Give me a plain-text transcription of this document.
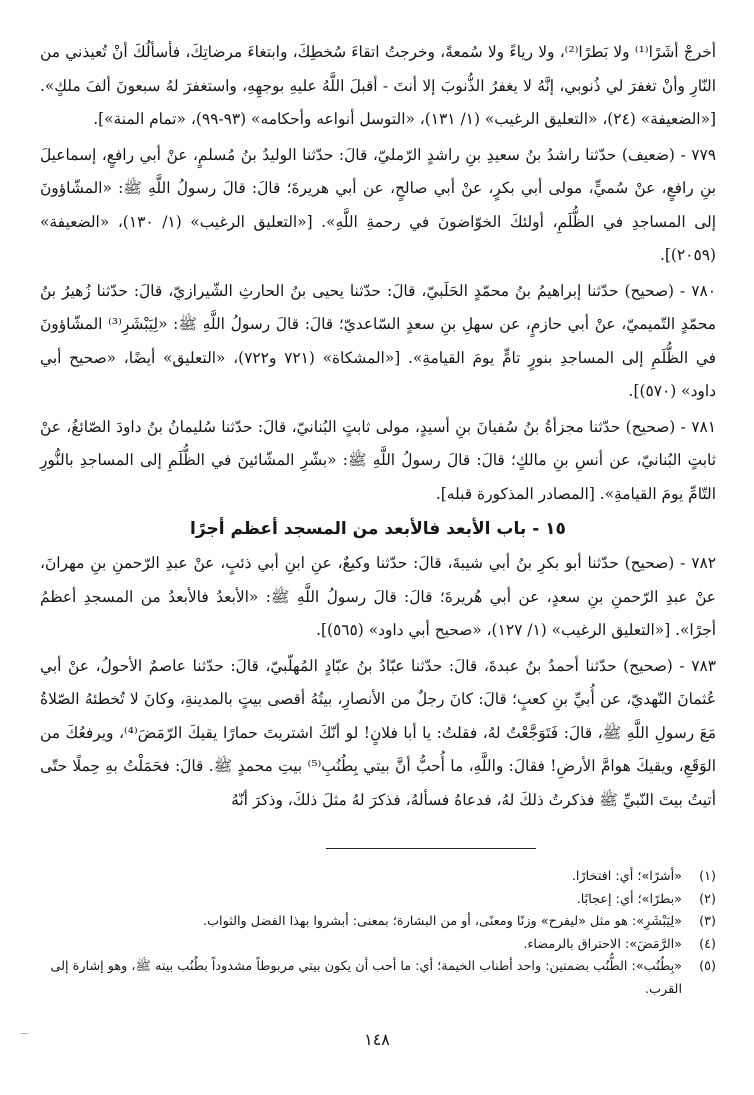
أخرجْ أشَرًا⁽¹⁾ ولا بَطرًا⁽²⁾، ولا رياءً ولا سُمعةً، وخرجتُ اتقاءَ سُخطِكَ، وابتغاءَ مرضاتِكَ، فأسألُكَ أنْ تُعيذني من النّارِ وأنْ تغفرَ لي ذُنوبي، إنَّهُ لا يغفرُ الذُّنوبَ إلا أنتَ - أقبلَ اللَّهُ عليهِ بوجهِهِ، واستغفرَ لهُ سبعونَ ألفَ ملكٍ». [«الضعيفة» (٢٤)، «التعليق الرغيب» (١/ ١٣١)، «التوسل أنواعه وأحكامه» (٩٣-٩٩)، «تمام المنة»].

٧٧٩ - (ضعيف) حدّثنا راشدُ بنُ سعيدِ بنِ راشدٍ الرّمليّ، قالَ: حدّثنا الوليدُ بنُ مُسلمٍ، عنْ أبي رافعٍ، إسماعيلَ بنِ رافعٍ، عنْ سُميٍّ، مولى أبي بكرٍ، عنْ أبي صالحٍ، عن أبي هريرةَ؛ قالَ: قالَ رسولُ اللَّهِ ﷺ: «المشّاؤونَ إلى المساجدِ في الظُّلَمِ، أولئكَ الخوّاضونَ في رحمةِ اللَّهِ». [«التعليق الرغيب» (١/ ١٣٠)، «الضعيفة» (٢٠٥٩)].

٧٨٠ - (صحيح) حدّثنا إبراهيمُ بنُ محمّدٍ الحَلَبيّ، قالَ: حدّثنا يحيى بنُ الحارثِ الشّيرازيّ، قالَ: حدّثنا زُهيرُ بنُ محمّدٍ التّميميّ، عنْ أبي حازمٍ، عن سهلِ بنِ سعدٍ السّاعديّ؛ قالَ: قالَ رسولُ اللَّهِ ﷺ: «لِيَبْشَرِ⁽³⁾ المشّاؤونَ في الظُّلَمِ إلى المساجدِ بنورٍ تامٍّ يومَ القيامةِ». [«المشكاة» (٧٢١ و٧٢٢)، «التعليق» أيضًا، «صحيح أبي داود» (٥٧٠)].

٧٨١ - (صحيح) حدّثنا مجزأةُ بنُ سُفيانَ بنِ أسيدٍ، مولى ثابتٍ البُنانيّ، قالَ: حدّثنا سُليمانُ بنُ داودَ الصّائغُ، عنْ ثابتٍ البُنانيّ، عن أنسِ بنِ مالكٍ؛ قالَ: قالَ رسولُ اللَّهِ ﷺ: «بشّرِ المشّائينَ في الظُّلَمِ إلى المساجدِ بالنُّورِ التّامِّ يومَ القيامةِ». [المصادر المذكورة قبله].

١٥ - باب الأبعد فالأبعد من المسجد أعظم أجرًا

٧٨٢ - (صحيح) حدّثنا أبو بكرِ بنُ أبي شيبةَ، قالَ: حدّثنا وكيعٌ، عنِ ابنِ أبي ذئبٍ، عنْ عبدِ الرّحمنِ بنِ مهرانَ، عنْ عبدِ الرّحمنِ بنِ سعدٍ، عن أبي هُريرةَ؛ قالَ: قالَ رسولُ اللَّهِ ﷺ: «الأبعدُ فالأبعدُ من المسجدِ أعظمُ أجرًا». [«التعليق الرغيب» (١/ ١٢٧)، «صحيح أبي داود» (٥٦٥)].

٧٨٣ - (صحيح) حدّثنا أحمدُ بنُ عبدةَ، قالَ: حدّثنا عبّادُ بنُ عبّادٍ المُهلّبيّ، قالَ: حدّثنا عاصمٌ الأحولُ، عنْ أبي عُثمانَ النّهديّ، عن أُبيِّ بنِ كعبٍ؛ قالَ: كانَ رجلٌ من الأنصارِ، بيتُهُ أقصى بيتٍ بالمدينةِ، وكانَ لا تُخطئهُ الصّلاةُ مَعَ رسولِ اللَّهِ ﷺ، قالَ: فَتَوَجَّعْتُ لهُ، فقلتُ: يا أبا فلانٍ! لو أنّكَ اشتريتَ حمارًا يقيكَ الرّمَضَ⁽⁴⁾، ويرفعُكَ من الوَقَعِ، ويقيكَ هوامَّ الأرضِ! فقالَ: واللَّهِ، ما أُحبُّ أنَّ بيتي بِطُنُبِ⁽⁵⁾ بيتِ محمدٍ ﷺ. قالَ: فحَمَلْتُ بهِ حِملًا حتّى أتيتُ بيتَ النّبيِّ ﷺ فذكرتُ ذلكَ لهُ، فدعاهُ فسألهُ، فذكرَ لهُ مثلَ ذلكَ، وذكرَ أنّهُ

(١)
«أشرًا»؛ أي: افتخارًا.
(٢)
«بطرًا»؛ أي: إعجابًا.
(٣)
«لِيَبْشَرِ»: هو مثل «ليفرح» وزنًا ومعنًى، أو من البشارة؛ بمعنى: أبشروا بهذا الفضل والثواب.
(٤)
«الرَّمَضَ»: الاحتراق بالرمضاء.
(٥)
«بِطُنُب»: الطُّنُب بضمتين: واحد أطناب الخيمة؛ أي: ما أحب أن يكون بيتي مربوطاً مشدوداً بطُنُب بيته ﷺ، وهو إشارة إلى القرب.
—	١٤٨
